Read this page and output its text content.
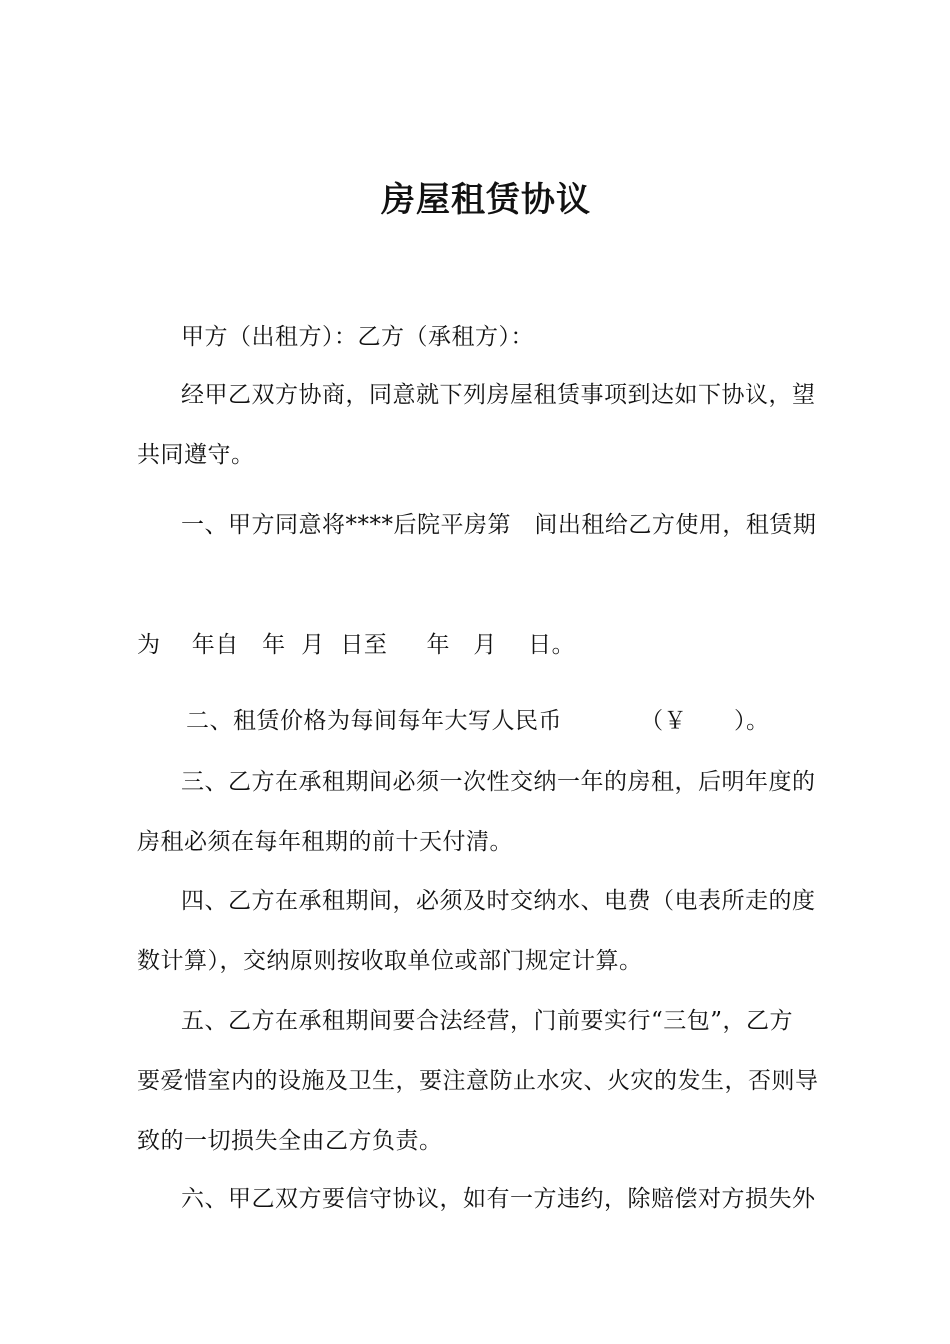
房屋租赁协议
甲方（出租方）：乙方（承租方）：
经甲乙双方协商，同意就下列房屋租赁事项到达如下协议，望
共同遵守。
一、甲方同意将****后院平房第   间出租给乙方使用，租赁期
为    年自   年  月  日至     年   月    日。
二、租赁价格为每间每年大写人民币          （￥      ）。
三、乙方在承租期间必须一次性交纳一年的房租，后明年度的
房租必须在每年租期的前十天付清。
四、乙方在承租期间，必须及时交纳水、电费（电表所走的度
数计算），交纳原则按收取单位或部门规定计算。
五、乙方在承租期间要合法经营，门前要实行“三包”，乙方
要爱惜室内的设施及卫生，要注意防止水灾、火灾的发生，否则导
致的一切损失全由乙方负责。
六、甲乙双方要信守协议，如有一方违约，除赔偿对方损失外
